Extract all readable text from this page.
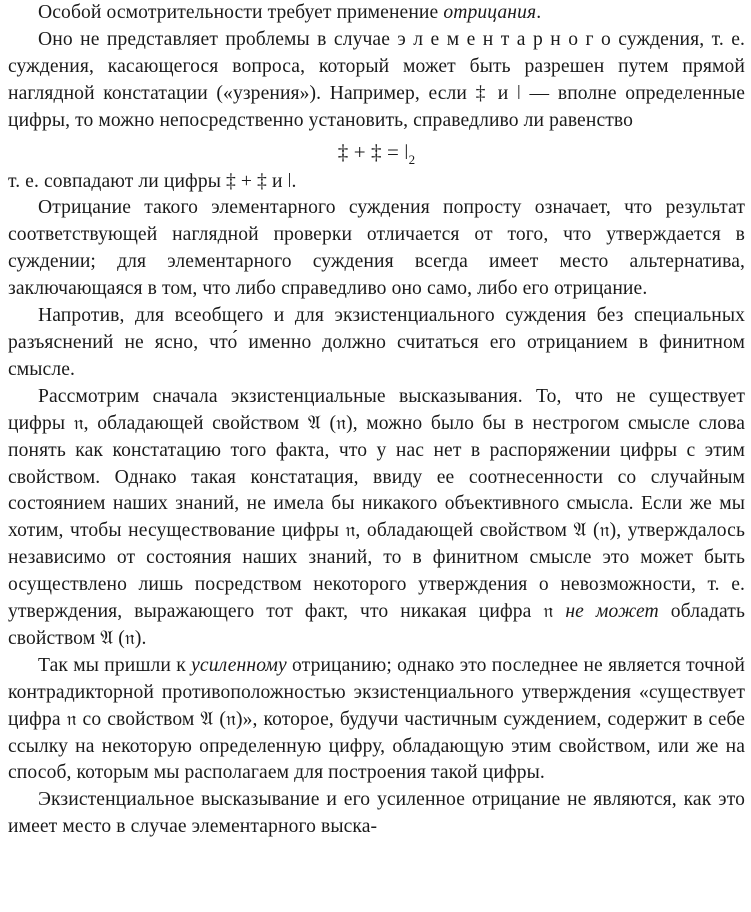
Особой осмотрительности требует применение отрицания.

Оно не представляет проблемы в случае э л е м е н т а р н о г о суждения, т. е. суждения, касающегося вопроса, который может быть разрешен путем прямой наглядной констатации («узрения»). Например, если ‡ и ǀ — вполне определенные цифры, то можно непосредственно установить, справедливо ли равенство

‡ + ‡ = $ǀ_2$

т. е. совпадают ли цифры ‡ + ‡ и ǀ.

Отрицание такого элементарного суждения попросту означает, что результат соответствующей наглядной проверки отличается от того, что утверждается в суждении; для элементарного суждения всегда имеет место альтернатива, заключающаяся в том, что либо справедливо оно само, либо его отрицание.

Напротив, для всеобщего и для экзистенциального суждения без специальных разъяснений не ясно, что́ именно должно считаться его отрицанием в финитном смысле.

Рассмотрим сначала экзистенциальные высказывания. То, что не существует цифры 𝔫, обладающей свойством 𝔄 (𝔫), можно было бы в нестрогом смысле слова понять как констатацию того факта, что у нас нет в распоряжении цифры с этим свойством. Однако такая констатация, ввиду ее соотнесенности со случайным состоянием наших знаний, не имела бы никакого объективного смысла. Если же мы хотим, чтобы несуществование цифры 𝔫, обладающей свойством 𝔄 (𝔫), утверждалось независимо от состояния наших знаний, то в финитном смысле это может быть осуществлено лишь посредством некоторого утверждения о невозможности, т. е. утверждения, выражающего тот факт, что никакая цифра 𝔫 не может обладать свойством 𝔄 (𝔫).

Так мы пришли к усиленному отрицанию; однако это последнее не является точной контрадикторной противоположностью экзистенциального утверждения «существует цифра 𝔫 со свойством 𝔄 (𝔫)», которое, будучи частичным суждением, содержит в себе ссылку на некоторую определенную цифру, обладающую этим свойством, или же на способ, которым мы располагаем для построения такой цифры.

Экзистенциальное высказывание и его усиленное отрицание не являются, как это имеет место в случае элементарного выска-
